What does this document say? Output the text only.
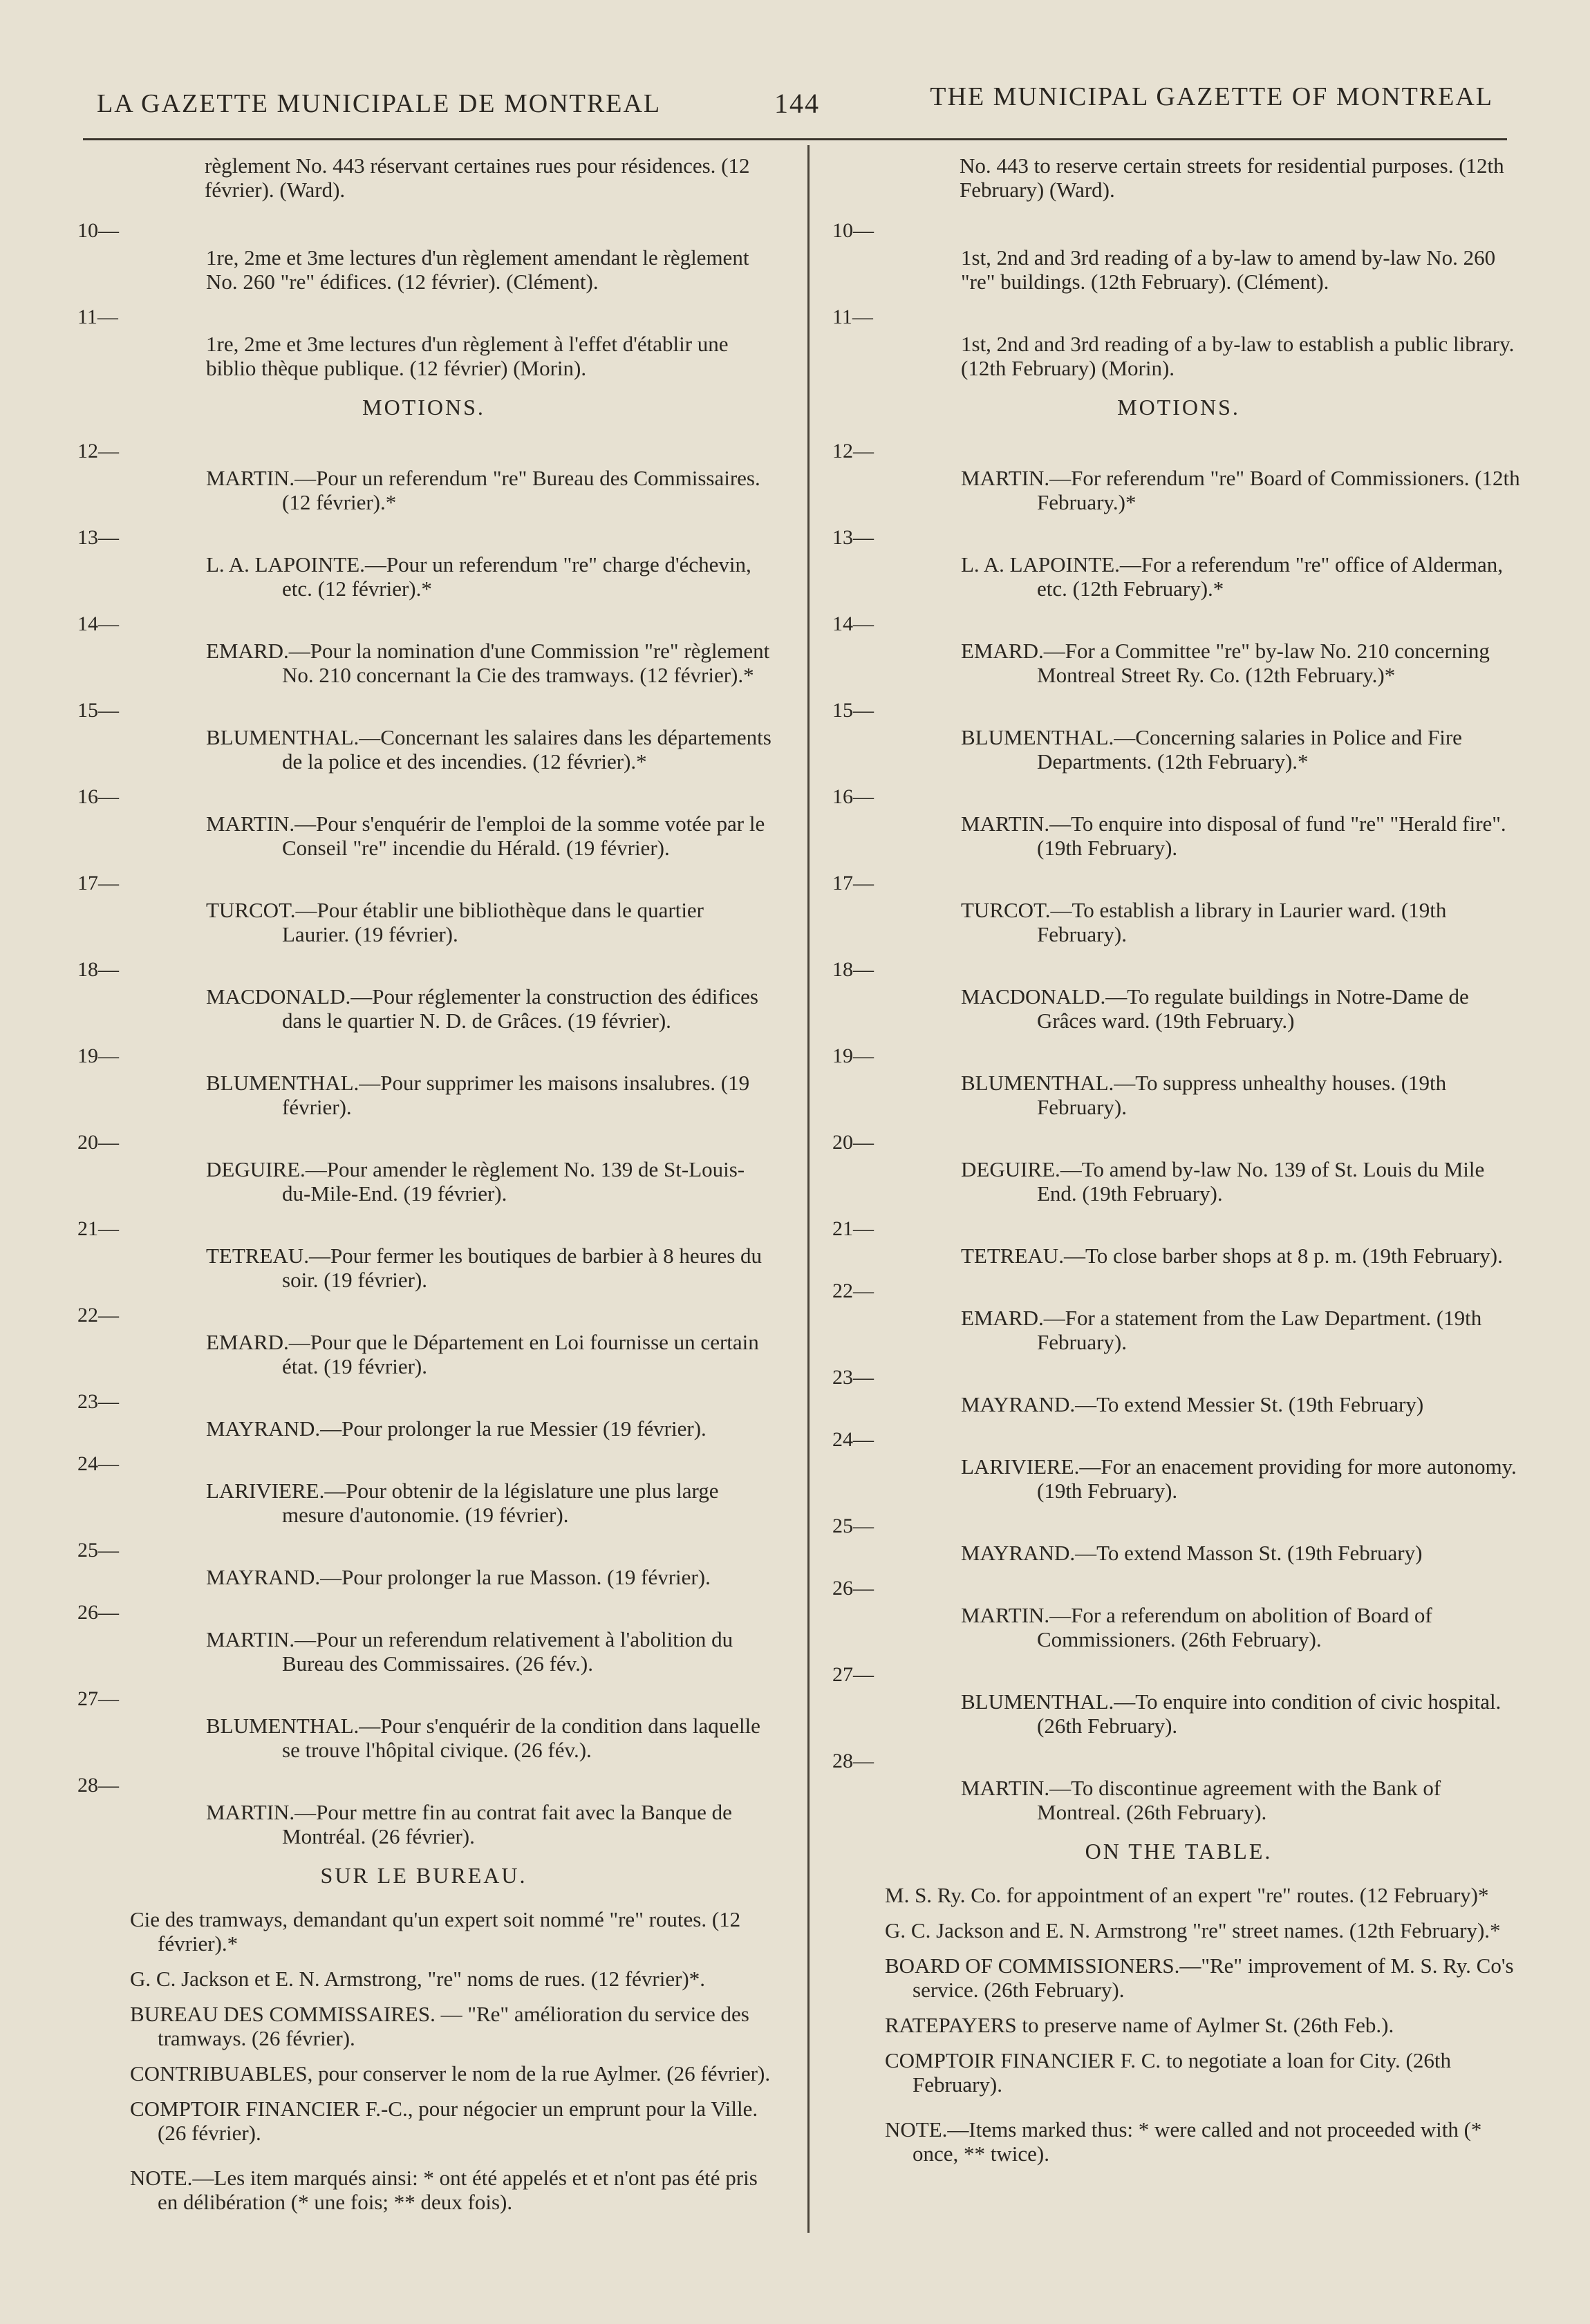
LA GAZETTE MUNICIPALE DE MONTREAL	144	THE MUNICIPAL GAZETTE OF MONTREAL
règlement No. 443 réservant certaines rues pour résidences. (12 février). (Ward).
10—
1re, 2me et 3me lectures d'un règlement amendant le règlement No. 260 "re" édifices. (12 février). (Clément).
11—
1re, 2me et 3me lectures d'un règlement à l'effet d'établir une biblio thèque publique. (12 février) (Morin).
MOTIONS.
12—
MARTIN.—Pour un referendum "re" Bureau des Commissaires. (12 février).*
13—
L. A. LAPOINTE.—Pour un referendum "re" charge d'échevin, etc. (12 février).*
14—
EMARD.—Pour la nomination d'une Commission "re" règlement No. 210 concernant la Cie des tramways. (12 février).*
15—
BLUMENTHAL.—Concernant les salaires dans les départements de la police et des incendies. (12 février).*
16—
MARTIN.—Pour s'enquérir de l'emploi de la somme votée par le Conseil "re" incendie du Hérald. (19 février).
17—
TURCOT.—Pour établir une bibliothèque dans le quartier Laurier. (19 février).
18—
MACDONALD.—Pour réglementer la construction des édifices dans le quartier N. D. de Grâces. (19 février).
19—
BLUMENTHAL.—Pour supprimer les maisons insalubres. (19 février).
20—
DEGUIRE.—Pour amender le règlement No. 139 de St-Louis-du-Mile-End. (19 février).
21—
TETREAU.—Pour fermer les boutiques de barbier à 8 heures du soir. (19 février).
22—
EMARD.—Pour que le Département en Loi fournisse un certain état. (19 février).
23—
MAYRAND.—Pour prolonger la rue Messier (19 février).
24—
LARIVIERE.—Pour obtenir de la législature une plus large mesure d'autonomie. (19 février).
25—
MAYRAND.—Pour prolonger la rue Masson. (19 février).
26—
MARTIN.—Pour un referendum relativement à l'abolition du Bureau des Commissaires. (26 fév.).
27—
BLUMENTHAL.—Pour s'enquérir de la condition dans laquelle se trouve l'hôpital civique. (26 fév.).
28—
MARTIN.—Pour mettre fin au contrat fait avec la Banque de Montréal. (26 février).
SUR LE BUREAU.
Cie des tramways, demandant qu'un expert soit nommé "re" routes. (12 février).*
G. C. Jackson et E. N. Armstrong, "re" noms de rues. (12 février)*.
BUREAU DES COMMISSAIRES. — "Re" amélioration du service des tramways. (26 février).
CONTRIBUABLES, pour conserver le nom de la rue Aylmer. (26 février).
COMPTOIR FINANCIER F.-C., pour négocier un emprunt pour la Ville. (26 février).
NOTE.—Les item marqués ainsi: * ont été appelés et et n'ont pas été pris en délibération (* une fois; ** deux fois).
No. 443 to reserve certain streets for residential purposes. (12th February) (Ward).
10—
1st, 2nd and 3rd reading of a by-law to amend by-law No. 260 "re" buildings. (12th February). (Clément).
11—
1st, 2nd and 3rd reading of a by-law to establish a public library. (12th February) (Morin).
MOTIONS.
12—
MARTIN.—For referendum "re" Board of Commissioners. (12th February.)*
13—
L. A. LAPOINTE.—For a referendum "re" office of Alderman, etc. (12th February).*
14—
EMARD.—For a Committee "re" by-law No. 210 concerning Montreal Street Ry. Co. (12th February.)*
15—
BLUMENTHAL.—Concerning salaries in Police and Fire Departments. (12th February).*
16—
MARTIN.—To enquire into disposal of fund "re" "Herald fire". (19th February).
17—
TURCOT.—To establish a library in Laurier ward. (19th February).
18—
MACDONALD.—To regulate buildings in Notre-Dame de Grâces ward. (19th February.)
19—
BLUMENTHAL.—To suppress unhealthy houses. (19th February).
20—
DEGUIRE.—To amend by-law No. 139 of St. Louis du Mile End. (19th February).
21—
TETREAU.—To close barber shops at 8 p. m. (19th February).
22—
EMARD.—For a statement from the Law Department. (19th February).
23—
MAYRAND.—To extend Messier St. (19th February)
24—
LARIVIERE.—For an enacement providing for more autonomy. (19th February).
25—
MAYRAND.—To extend Masson St. (19th February)
26—
MARTIN.—For a referendum on abolition of Board of Commissioners. (26th February).
27—
BLUMENTHAL.—To enquire into condition of civic hospital. (26th February).
28—
MARTIN.—To discontinue agreement with the Bank of Montreal. (26th February).
ON THE TABLE.
M. S. Ry. Co. for appointment of an expert "re" routes. (12 February)*
G. C. Jackson and E. N. Armstrong "re" street names. (12th February).*
BOARD OF COMMISSIONERS.—"Re" improvement of M. S. Ry. Co's service. (26th February).
RATEPAYERS to preserve name of Aylmer St. (26th Feb.).
COMPTOIR FINANCIER F. C. to negotiate a loan for City. (26th February).
NOTE.—Items marked thus: * were called and not proceeded with (* once, ** twice).
